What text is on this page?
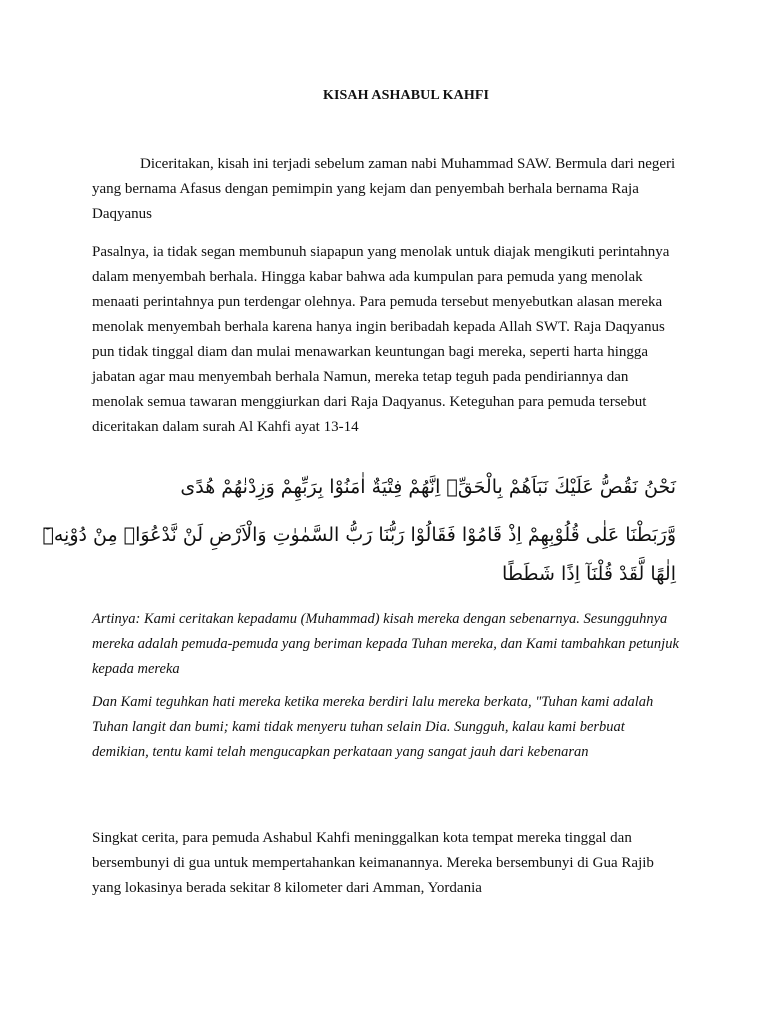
KISAH ASHABUL KAHFI

Diceritakan, kisah ini terjadi sebelum zaman nabi Muhammad SAW. Bermula dari negeri yang bernama Afasus dengan pemimpin yang kejam dan penyembah berhala bernama Raja Daqyanus

Pasalnya, ia tidak segan membunuh siapapun yang menolak untuk diajak mengikuti perintahnya dalam menyembah berhala. Hingga kabar bahwa ada kumpulan para pemuda yang menolak menaati perintahnya pun terdengar olehnya. Para pemuda tersebut menyebutkan alasan mereka menolak menyembah berhala karena hanya ingin beribadah kepada Allah SWT. Raja Daqyanus pun tidak tinggal diam dan mulai menawarkan keuntungan bagi mereka, seperti harta hingga jabatan agar mau menyembah berhala Namun, mereka tetap teguh pada pendiriannya dan menolak semua tawaran menggiurkan dari Raja Daqyanus. Keteguhan para pemuda tersebut diceritakan dalam surah Al Kahfi ayat 13-14

نَحْنُ نَقُصُّ عَلَيْكَ نَبَاَهُمْ بِالْحَقِّۗ اِنَّهُمْ فِتْيَةٌ اٰمَنُوْا بِرَبِّهِمْ وَزِدْنٰهُمْ هُدًى

وَّرَبَطْنَا عَلٰى قُلُوْبِهِمْ اِذْ قَامُوْا فَقَالُوْا رَبُّنَا رَبُّ السَّمٰوٰتِ وَالْاَرْضِ لَنْ نَّدْعُوَا۟ مِنْ دُوْنِهٖٓ

اِلٰهًا لَّقَدْ قُلْنَآ اِذًا شَطَطًا

Artinya: Kami ceritakan kepadamu (Muhammad) kisah mereka dengan sebenarnya. Sesungguhnya mereka adalah pemuda-pemuda yang beriman kepada Tuhan mereka, dan Kami tambahkan petunjuk kepada mereka

Dan Kami teguhkan hati mereka ketika mereka berdiri lalu mereka berkata, "Tuhan kami adalah Tuhan langit dan bumi; kami tidak menyeru tuhan selain Dia. Sungguh, kalau kami berbuat demikian, tentu kami telah mengucapkan perkataan yang sangat jauh dari kebenaran

Singkat cerita, para pemuda Ashabul Kahfi meninggalkan kota tempat mereka tinggal dan bersembunyi di gua untuk mempertahankan keimanannya. Mereka bersembunyi di Gua Rajib yang lokasinya berada sekitar 8 kilometer dari Amman, Yordania
